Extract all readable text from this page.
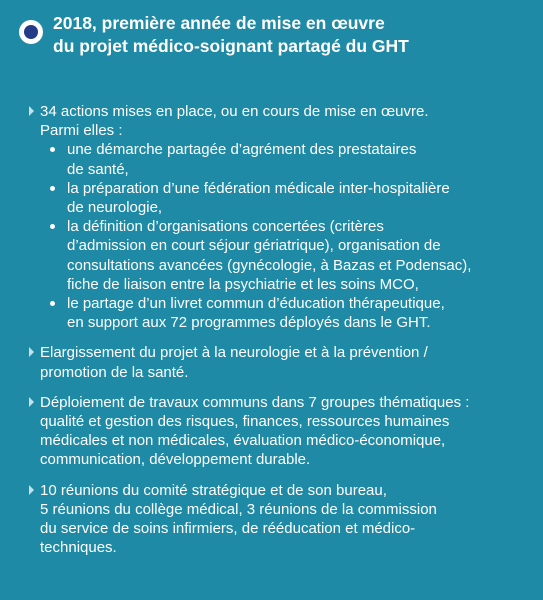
2018, première année de mise en œuvre
du projet médico-soignant partagé du GHT

34 actions mises en place, ou en cours de mise en œuvre.
Parmi elles :

une démarche partagée d’agrément des prestataires
de santé,
la préparation d’une fédération médicale inter-hospitalière
de neurologie,
la définition d’organisations concertées (critères
d’admission en court séjour gériatrique), organisation de
consultations avancées (gynécologie, à Bazas et Podensac),
fiche de liaison entre la psychiatrie et les soins MCO,
le partage d’un livret commun d’éducation thérapeutique,
en support aux 72 programmes déployés dans le GHT.

Elargissement du projet à la neurologie et à la prévention /
promotion de la santé.

Déploiement de travaux communs dans 7 groupes thématiques :
qualité et gestion des risques, finances, ressources humaines
médicales et non médicales, évaluation médico-économique,
communication, développement durable.

10 réunions du comité stratégique et de son bureau,
5 réunions du collège médical, 3 réunions de la commission
du service de soins infirmiers, de rééducation et médico-
techniques.
